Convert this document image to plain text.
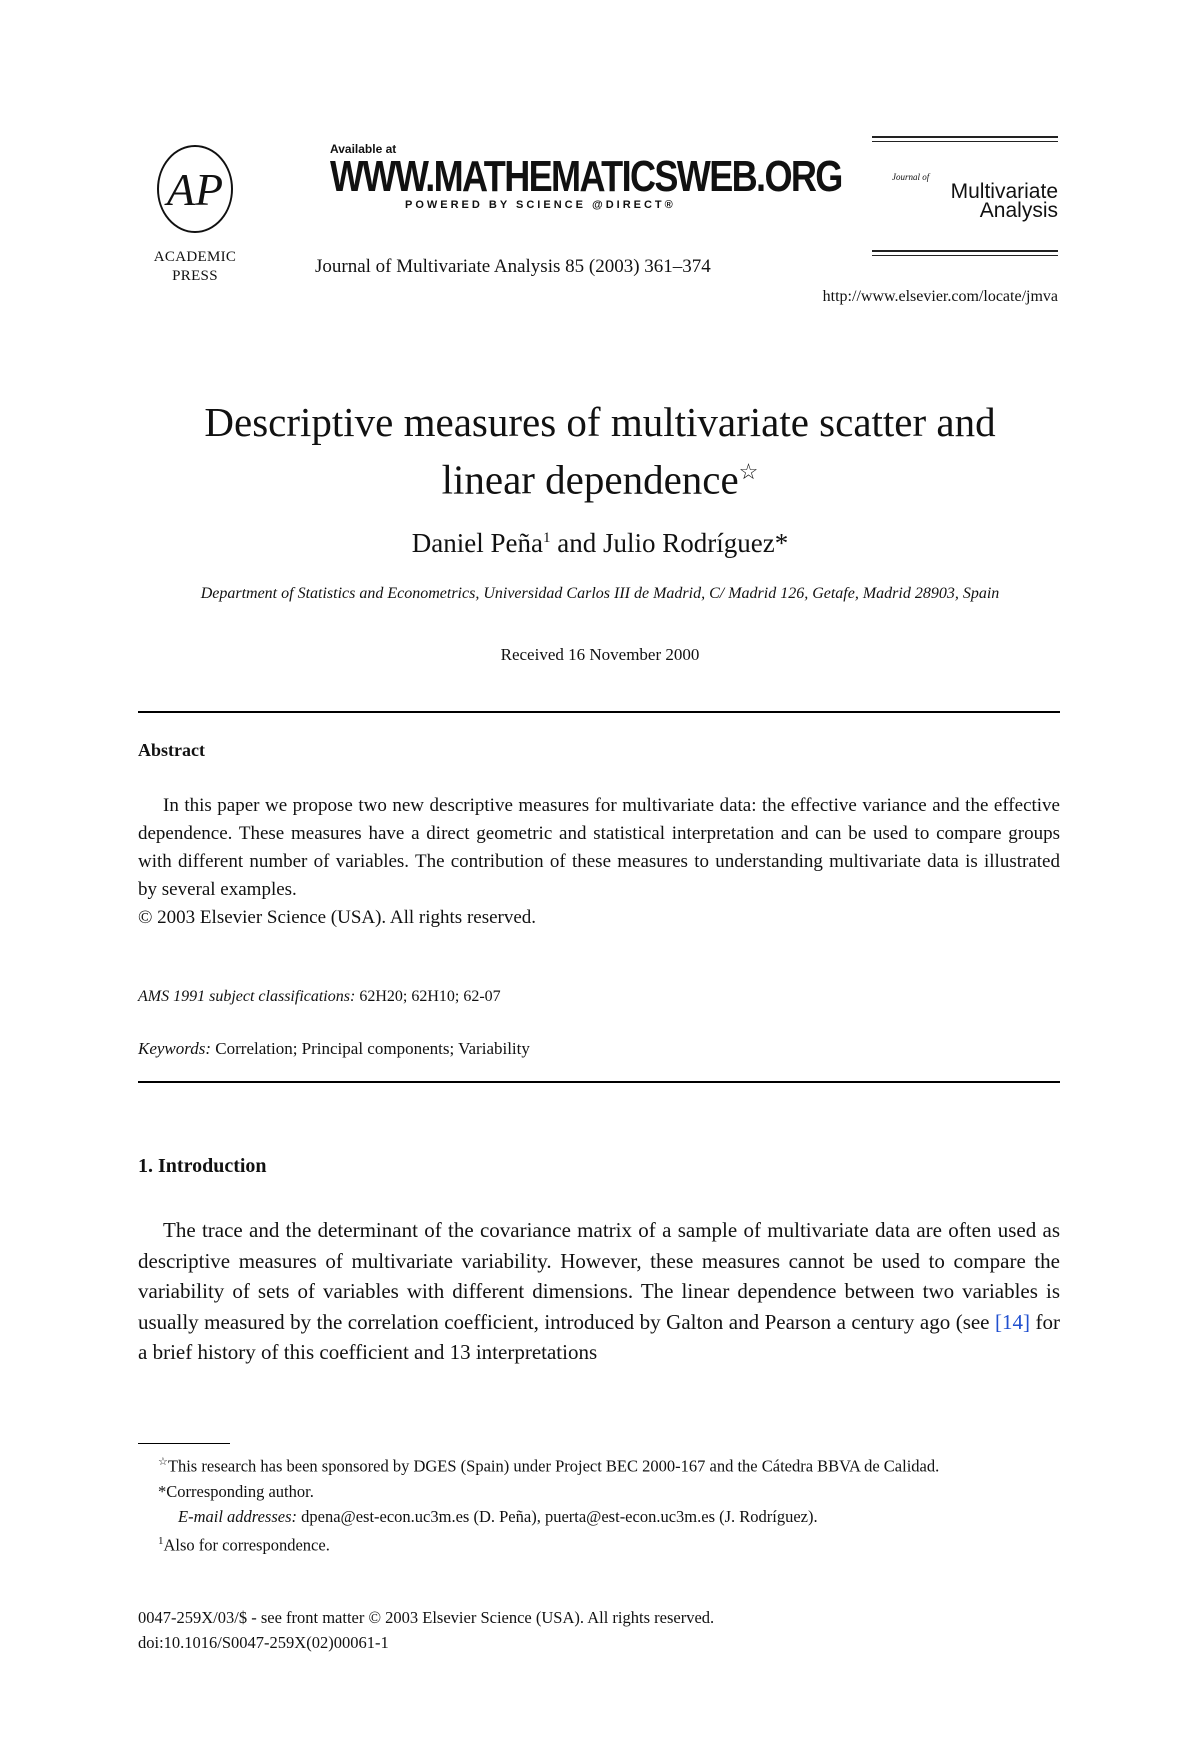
AP
ACADEMIC
PRESS
Available at
WWW.MATHEMATICSWEB.ORG
POWERED BY SCIENCE @DIRECT®
Journal of Multivariate Analysis 85 (2003) 361–374
http://www.elsevier.com/locate/jmva
Journal of
Multivariate
Analysis
Descriptive measures of multivariate scatter and
linear dependence☆
Daniel Peña$^1$ and Julio Rodríguez*
Department of Statistics and Econometrics, Universidad Carlos III de Madrid, C/ Madrid 126, Getafe, Madrid 28903, Spain
Received 16 November 2000
Abstract
In this paper we propose two new descriptive measures for multivariate data: the effective variance and the effective dependence. These measures have a direct geometric and statistical interpretation and can be used to compare groups with different number of variables. The contribution of these measures to understanding multivariate data is illustrated by several examples.
© 2003 Elsevier Science (USA). All rights reserved.
AMS 1991 subject classifications: 62H20; 62H10; 62-07
Keywords: Correlation; Principal components; Variability
1. Introduction
The trace and the determinant of the covariance matrix of a sample of multivariate data are often used as descriptive measures of multivariate variability. However, these measures cannot be used to compare the variability of sets of variables with different dimensions. The linear dependence between two variables is usually measured by the correlation coefficient, introduced by Galton and Pearson a century ago (see [14] for a brief history of this coefficient and 13 interpretations
☆This research has been sponsored by DGES (Spain) under Project BEC 2000-167 and the Cátedra BBVA de Calidad.
*Corresponding author.
E-mail addresses: dpena@est-econ.uc3m.es (D. Peña), puerta@est-econ.uc3m.es (J. Rodríguez).
$^1$Also for correspondence.
0047-259X/03/$ - see front matter © 2003 Elsevier Science (USA). All rights reserved.
doi:10.1016/S0047-259X(02)00061-1
